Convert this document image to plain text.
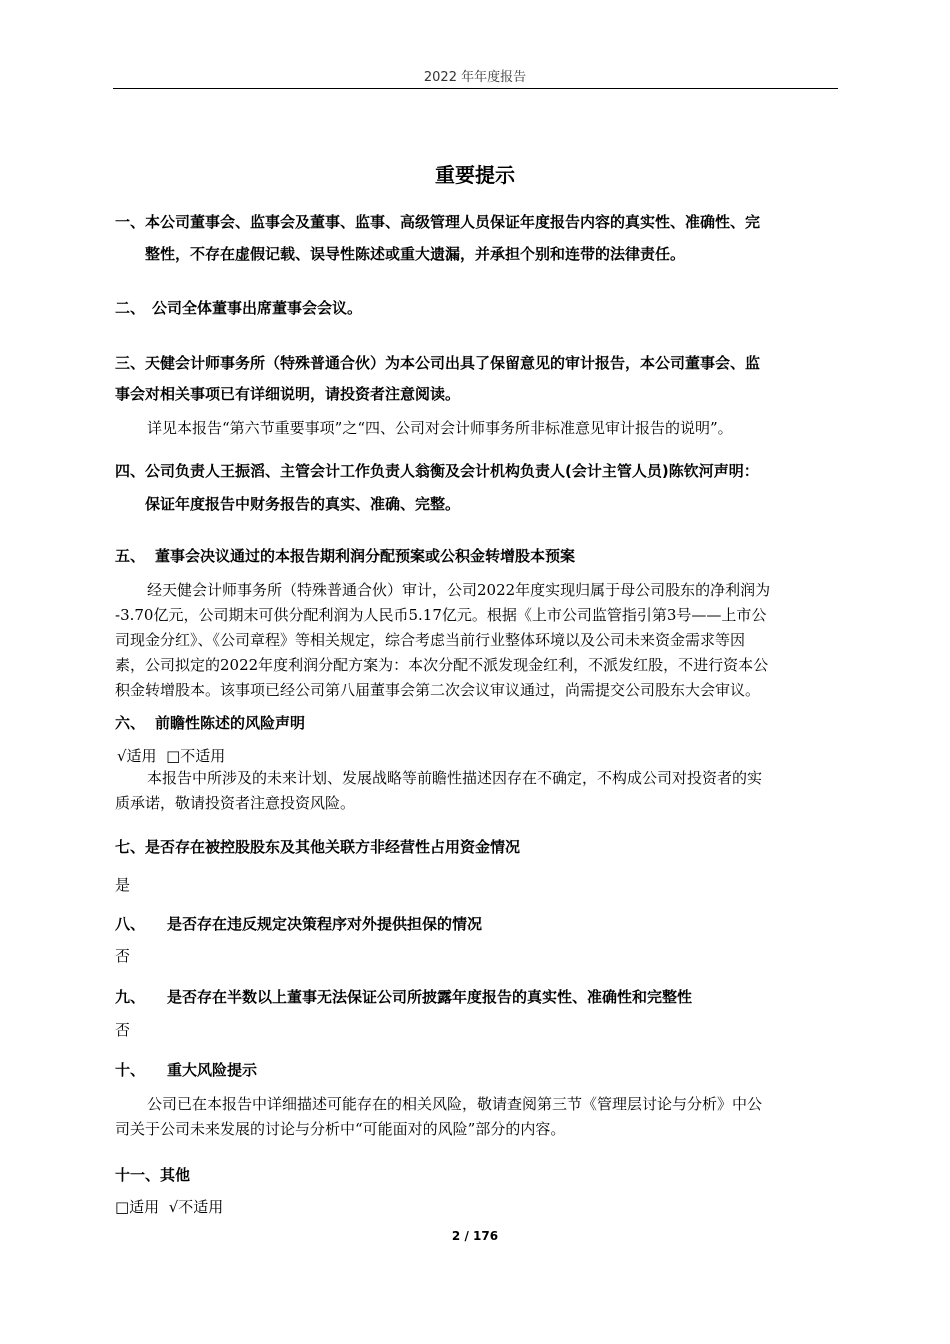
2022 年年度报告
重要提示
一、本公司董事会、监事会及董事、监事、高级管理人员保证年度报告内容的真实性、准确性、完
整性，不存在虚假记载、误导性陈述或重大遗漏，并承担个别和连带的法律责任。
二、 公司全体董事出席董事会会议。
三、天健会计师事务所（特殊普通合伙）为本公司出具了保留意见的审计报告，本公司董事会、监
事会对相关事项已有详细说明，请投资者注意阅读。
详见本报告“第六节重要事项”之“四、公司对会计师事务所非标准意见审计报告的说明”。
四、公司负责人王振滔、主管会计工作负责人翁衡及会计机构负责人(会计主管人员)陈钦河声明：
保证年度报告中财务报告的真实、准确、完整。
五、 董事会决议通过的本报告期利润分配预案或公积金转增股本预案
经天健会计师事务所（特殊普通合伙）审计，公司2022年度实现归属于母公司股东的净利润为
-3.70亿元，公司期末可供分配利润为人民币5.17亿元。根据《上市公司监管指引第3号——上市公
司现金分红》、《公司章程》等相关规定，综合考虑当前行业整体环境以及公司未来资金需求等因
素，公司拟定的2022年度利润分配方案为：本次分配不派发现金红利，不派发红股，不进行资本公
积金转增股本。该事项已经公司第八届董事会第二次会议审议通过，尚需提交公司股东大会审议。
六、 前瞻性陈述的风险声明
√适用  □不适用
本报告中所涉及的未来计划、发展战略等前瞻性描述因存在不确定，不构成公司对投资者的实
质承诺，敬请投资者注意投资风险。
七、是否存在被控股股东及其他关联方非经营性占用资金情况
是
八、 是否存在违反规定决策程序对外提供担保的情况
否
九、 是否存在半数以上董事无法保证公司所披露年度报告的真实性、准确性和完整性
否
十、 重大风险提示
公司已在本报告中详细描述可能存在的相关风险，敬请查阅第三节《管理层讨论与分析》中公
司关于公司未来发展的讨论与分析中“可能面对的风险”部分的内容。
十一、其他
□适用  √不适用
2 / 176
